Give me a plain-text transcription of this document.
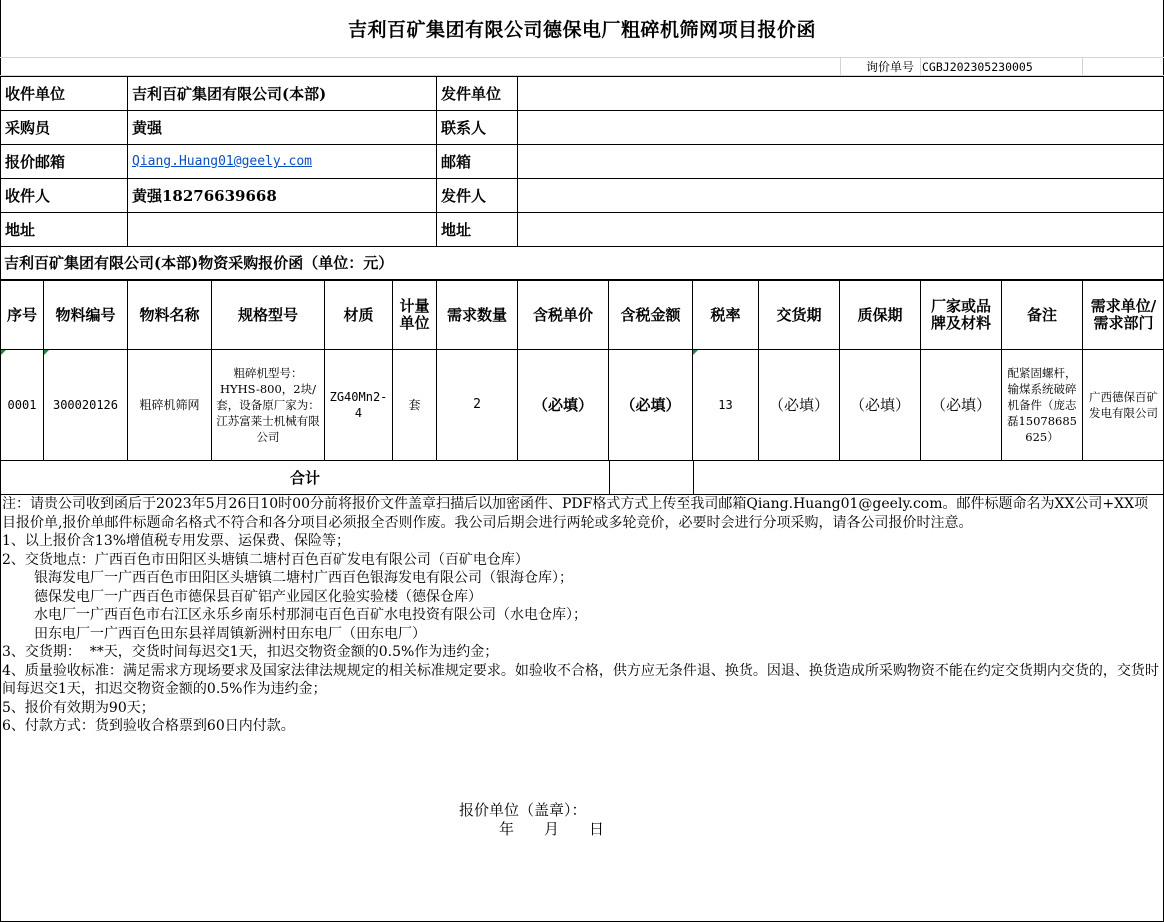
吉利百矿集团有限公司德保电厂粗碎机筛网项目报价函
询价单号 CGBJ202305230005
收件单位	吉利百矿集团有限公司(本部)	发件单位	
采购员	黄强	联系人	
报价邮箱	Qiang.Huang01@geely.com	邮箱	
收件人	黄强18276639668	发件人	
地址		地址	
吉利百矿集团有限公司(本部)物资采购报价函（单位：元）
序号	物料编号	物料名称	规格型号	材质	计量单位	需求数量	含税单价	含税金额	税率	交货期	质保期	厂家或品牌及材料	备注	需求单位/需求部门
0001	300020126	粗碎机筛网	粗碎机型号：HYHS-800，2块/套，设备原厂家为：江苏富莱士机械有限公司	ZG40Mn2-4	套	2	（必填）	（必填）	13	（必填）	（必填）	（必填）	配紧固螺杆，输煤系统破碎机备件（庞志磊15078685625）	广西德保百矿发电有限公司
合计		

注：请贵公司收到函后于2023年5月26日10时00分前将报价文件盖章扫描后以加密函件、PDF格式方式上传至我司邮箱Qiang.Huang01@geely.com。邮件标题命名为XX公司+XX项目报价单,报价单邮件标题命名格式不符合和各分项目必须报全否则作废。我公司后期会进行两轮或多轮竞价，必要时会进行分项采购，请各公司报价时注意。

1、以上报价含13%增值税专用发票、运保费、保险等；

2、交货地点：广西百色市田阳区头塘镇二塘村百色百矿发电有限公司（百矿电仓库）

银海发电厂一广西百色市田阳区头塘镇二塘村广西百色银海发电有限公司（银海仓库）；

德保发电厂一广西百色市德保县百矿铝产业园区化验实验楼（德保仓库）

水电厂一广西百色市右江区永乐乡南乐村那洞屯百色百矿水电投资有限公司（水电仓库）；

田东电厂一广西百色田东县祥周镇新洲村田东电厂（田东电厂）

3、交货期：  **天，交货时间每迟交1天，扣迟交物资金额的0.5%作为违约金；

4、质量验收标准：满足需求方现场要求及国家法律法规规定的相关标准规定要求。如验收不合格，供方应无条件退、换货。因退、换货造成所采购物资不能在约定交货期内交货的，交货时间每迟交1天，扣迟交物资金额的0.5%作为违约金；

5、报价有效期为90天；

6、付款方式：货到验收合格票到60日内付款。

报价单位（盖章）：
年　　月　　日
